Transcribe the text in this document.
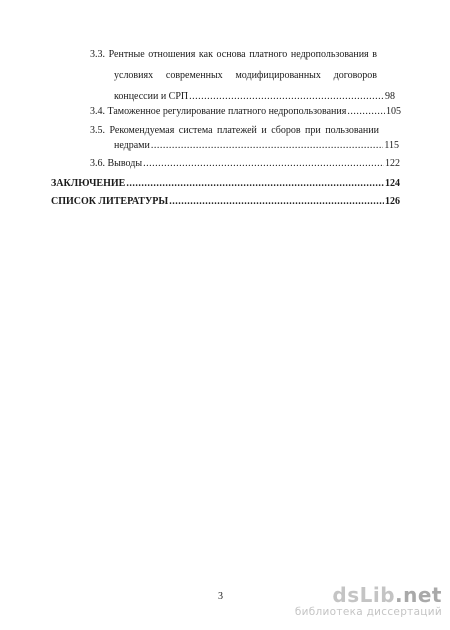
3.3. Рентные отношения как основа платного недропользования в
условиях современных модифицированных договоров
концессии и СРП .....	98
3.4. Таможенное регулирование платного недропользования .....	105
3.5. Рекомендуемая система платежей и сборов при пользовании
недрами .....	115
3.6. Выводы .....	122
ЗАКЛЮЧЕНИЕ .....	124
СПИСОК ЛИТЕРАТУРЫ .....	126
3	dsLib.net
библиотека диссертаций
